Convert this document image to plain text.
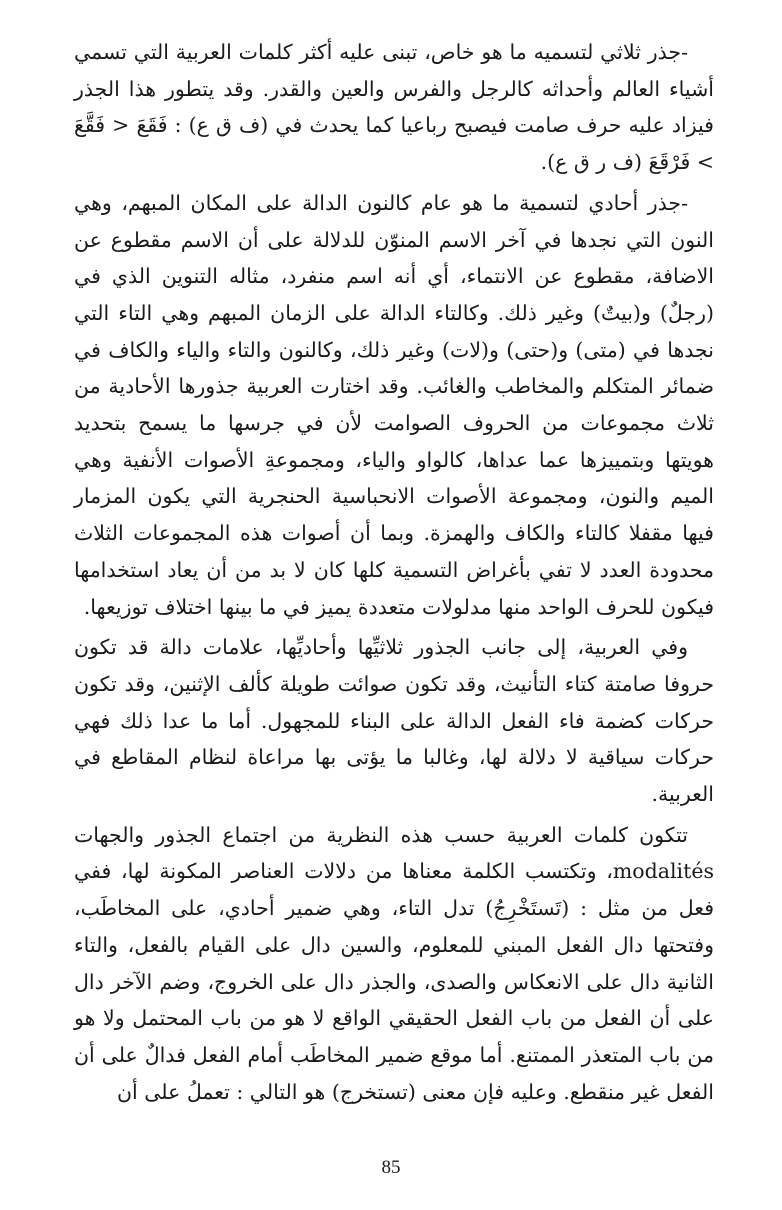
-جذر ثلاثي لتسميه ما هو خاص، تبنى عليه أكثر كلمات العربية التي تسمي أشياء العالم وأحداثه كالرجل والفرس والعين والقدر. وقد يتطور هذا الجذر فيزاد عليه حرف صامت فيصبح رباعيا كما يحدث في (ف ق ع) : فَقَعَ < فَقَّعَ > فَرْقَعَ (ف ر ق ع).

-جذر أحادي لتسمية ما هو عام كالنون الدالة على المكان المبهم، وهي النون التي نجدها في آخر الاسم المنوّن للدلالة على أن الاسم مقطوع عن الاضافة، مقطوع عن الانتماء، أي أنه اسم منفرد، مثاله التنوين الذي في (رجلٌ) و(بيتٌ) وغير ذلك. وكالتاء الدالة على الزمان المبهم وهي التاء التي نجدها في (متى) و(حتى) و(لات) وغير ذلك، وكالنون والتاء والياء والكاف في ضمائر المتكلم والمخاطب والغائب. وقد اختارت العربية جذورها الأحادية من ثلاث مجموعات من الحروف الصوامت لأن في جرسها ما يسمح بتحديد هويتها وبتمييزها عما عداها، كالواو والياء، ومجموعةِ الأصوات الأنفية وهي الميم والنون، ومجموعة الأصوات الانحباسية الحنجرية التي يكون المزمار فيها مقفلا كالتاء والكاف والهمزة. وبما أن أصوات هذه المجموعات الثلاث محدودة العدد لا تفي بأغراض التسمية كلها كان لا بد من أن يعاد استخدامها فيكون للحرف الواحد منها مدلولات متعددة يميز في ما بينها اختلاف توزيعها.

وفي العربية، إلى جانب الجذور ثلاثيِّها وأحاديِّها، علامات دالة قد تكون حروفا صامتة كتاء التأنيث، وقد تكون صوائت طويلة كألف الإثنين، وقد تكون حركات كضمة فاء الفعل الدالة على البناء للمجهول. أما ما عدا ذلك فهي حركات سياقية لا دلالة لها، وغالبا ما يؤتى بها مراعاة لنظام المقاطع في العربية.

تتكون كلمات العربية حسب هذه النظرية من اجتماع الجذور والجهات modalités، وتكتسب الكلمة معناها من دلالات العناصر المكونة لها، ففي فعل من مثل : (تَستَخْرِجُ) تدل التاء، وهي ضمير أحادي، على المخاطَب، وفتحتها دال الفعل المبني للمعلوم، والسين دال على القيام بالفعل، والتاء الثانية دال على الانعكاس والصدى، والجذر دال على الخروج، وضم الآخر دال على أن الفعل من باب الفعل الحقيقي الواقع لا هو من باب المحتمل ولا هو من باب المتعذر الممتنع. أما موقع ضمير المخاطَب أمام الفعل فدالٌ على أن الفعل غير منقطع. وعليه فإن معنى (تستخرج) هو التالي : تعملُ على أن

85
